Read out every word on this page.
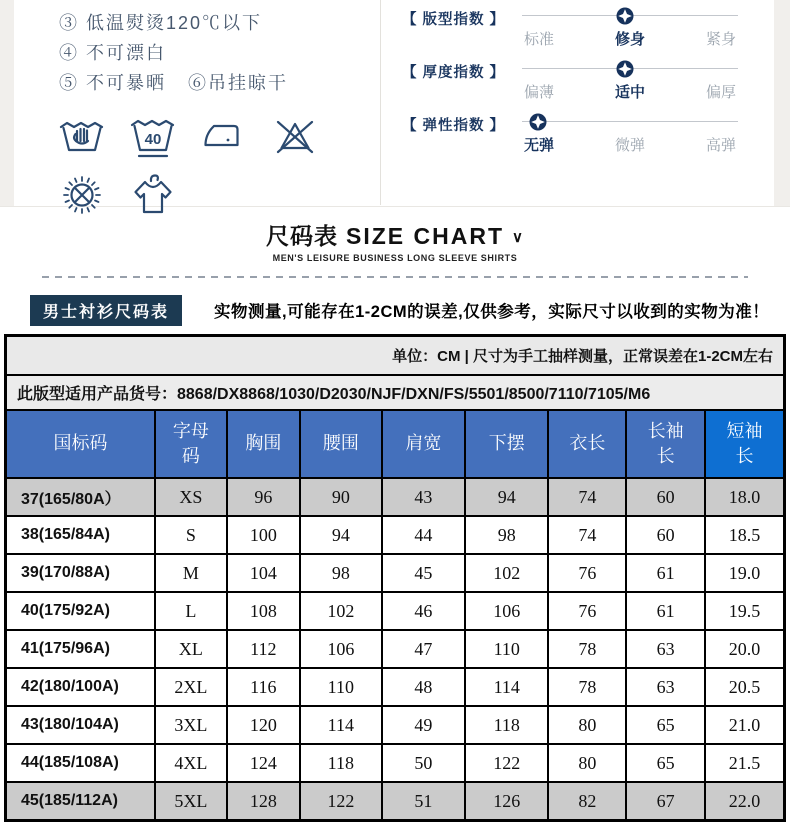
③ 低温熨烫120℃以下④ 不可漂白
⑤ 不可暴晒 ⑥吊挂晾干
40
【 版型指数 】
标准	修身	紧身
【 厚度指数 】
偏薄	适中	偏厚
【 弹性指数 】
无弹	微弹	高弹
尺码表 SIZE CHART ∨
MEN'S LEISURE BUSINESS LONG SLEEVE SHIRTS
男士衬衫尺码表	实物测量,可能存在1-2CM的误差,仅供参考，实际尺寸以收到的实物为准！
单位：CM | 尺寸为手工抽样测量，正常误差在1-2CM左右								
此版型适用产品货号：8868/DX8868/1030/D2030/NJF/DXN/FS/5501/8500/7110/7105/M6								
国标码	字母码	胸围	腰围	肩宽	下摆	衣长	长袖长	短袖长
37(165/80A）	XS	96	90	43	94	74	60	18.0
38(165/84A)	S	100	94	44	98	74	60	18.5
39(170/88A)	M	104	98	45	102	76	61	19.0
40(175/92A)	L	108	102	46	106	76	61	19.5
41(175/96A)	XL	112	106	47	110	78	63	20.0
42(180/100A)	2XL	116	110	48	114	78	63	20.5
43(180/104A)	3XL	120	114	49	118	80	65	21.0
44(185/108A)	4XL	124	118	50	122	80	65	21.5
45(185/112A)	5XL	128	122	51	126	82	67	22.0
